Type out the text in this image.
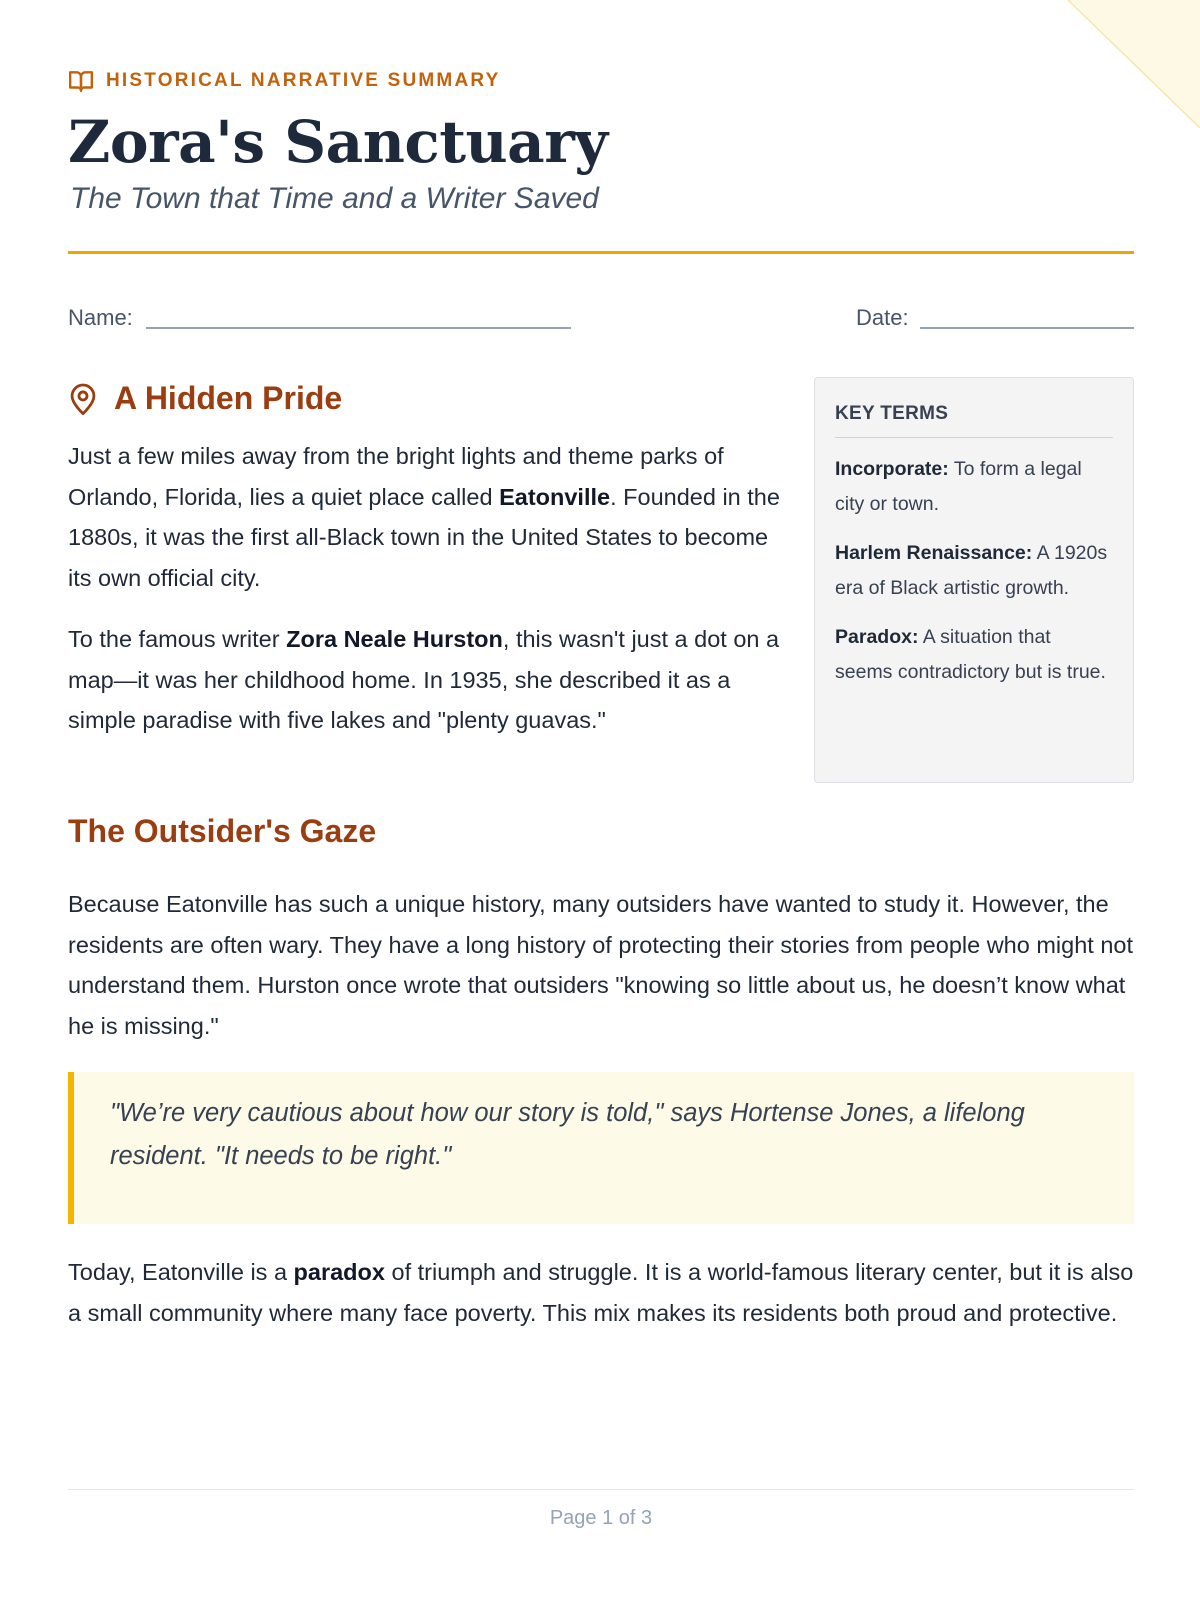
HISTORICAL NARRATIVE SUMMARY
Zora's Sanctuary
The Town that Time and a Writer Saved
Name:	Date:
A Hidden Pride

Just a few miles away from the bright lights and theme parks of Orlando, Florida, lies a quiet place called Eatonville. Founded in the 1880s, it was the first all-Black town in the United States to become its own official city.

To the famous writer Zora Neale Hurston, this wasn't just a dot on a map—it was her childhood home. In 1935, she described it as a simple paradise with five lakes and "plenty guavas."

KEY TERMS
Incorporate: To form a legal city or town.
Harlem Renaissance: A 1920s era of Black artistic growth.
Paradox: A situation that seems contradictory but is true.
The Outsider's Gaze

Because Eatonville has such a unique history, many outsiders have wanted to study it. However, the residents are often wary. They have a long history of protecting their stories from people who might not understand them. Hurston once wrote that outsiders "knowing so little about us, he doesn’t know what he is missing."

"We’re very cautious about how our story is told," says Hortense Jones, a lifelong resident. "It needs to be right."

Today, Eatonville is a paradox of triumph and struggle. It is a world-famous literary center, but it is also a small community where many face poverty. This mix makes its residents both proud and protective.

Page 1 of 3
